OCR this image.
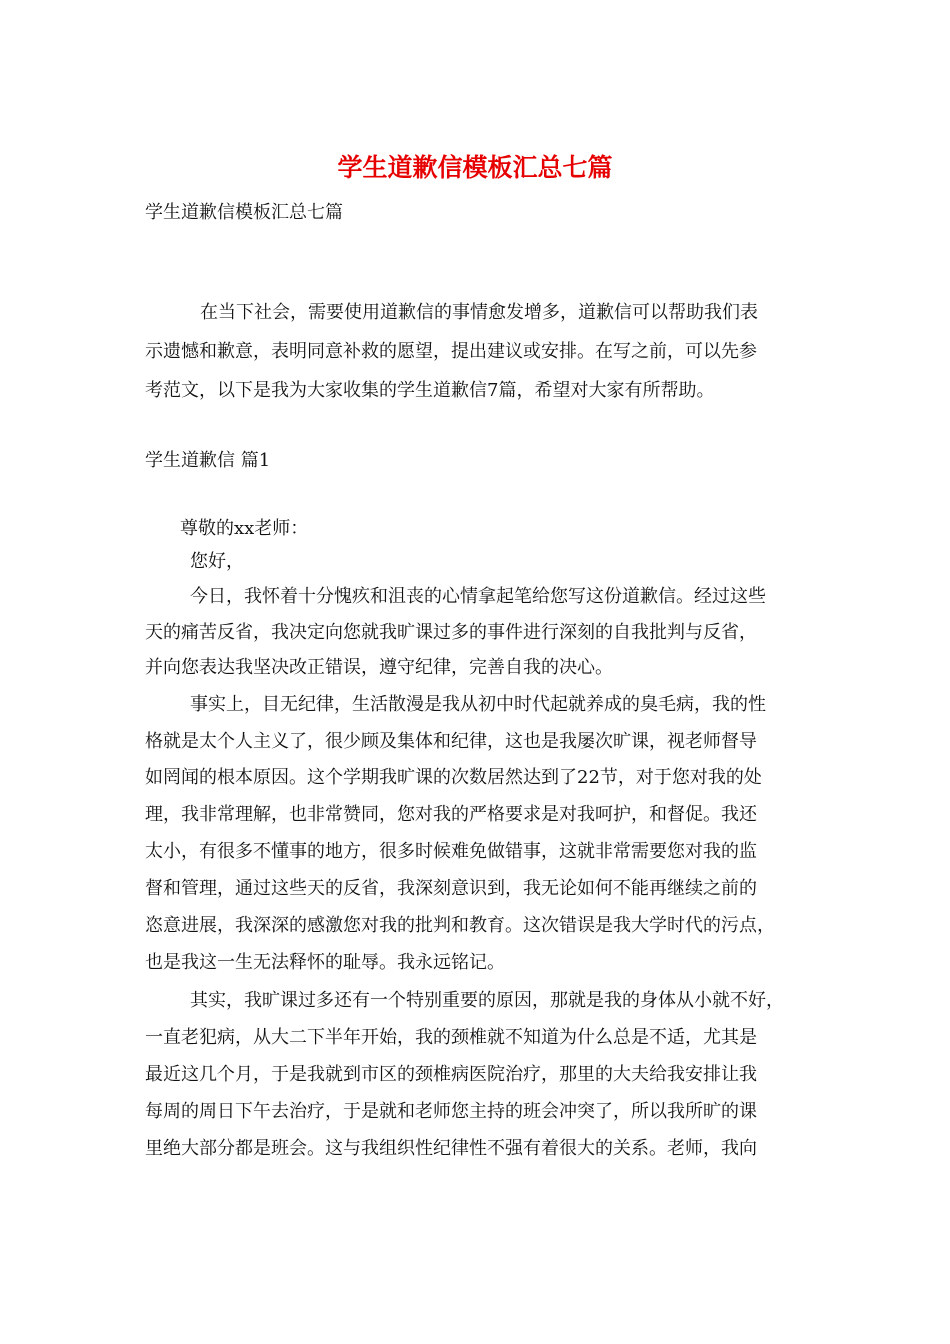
学生道歉信模板汇总七篇
学生道歉信模板汇总七篇
在当下社会，需要使用道歉信的事情愈发增多，道歉信可以帮助我们表
示遗憾和歉意，表明同意补救的愿望，提出建议或安排。在写之前，可以先参
考范文，以下是我为大家收集的学生道歉信7篇，希望对大家有所帮助。
学生道歉信 篇1
尊敬的xx老师：
您好，
今日，我怀着十分愧疚和沮丧的心情拿起笔给您写这份道歉信。经过这些
天的痛苦反省，我决定向您就我旷课过多的事件进行深刻的自我批判与反省，
并向您表达我坚决改正错误，遵守纪律，完善自我的决心。
事实上，目无纪律，生活散漫是我从初中时代起就养成的臭毛病，我的性
格就是太个人主义了，很少顾及集体和纪律，这也是我屡次旷课，视老师督导
如罔闻的根本原因。这个学期我旷课的次数居然达到了22节，对于您对我的处
理，我非常理解，也非常赞同，您对我的严格要求是对我呵护，和督促。我还
太小，有很多不懂事的地方，很多时候难免做错事，这就非常需要您对我的监
督和管理，通过这些天的反省，我深刻意识到，我无论如何不能再继续之前的
恣意进展，我深深的感激您对我的批判和教育。这次错误是我大学时代的污点，
也是我这一生无法释怀的耻辱。我永远铭记。
其实，我旷课过多还有一个特别重要的原因，那就是我的身体从小就不好，
一直老犯病，从大二下半年开始，我的颈椎就不知道为什么总是不适，尤其是
最近这几个月，于是我就到市区的颈椎病医院治疗，那里的大夫给我安排让我
每周的周日下午去治疗，于是就和老师您主持的班会冲突了，所以我所旷的课
里绝大部分都是班会。这与我组织性纪律性不强有着很大的关系。老师，我向
